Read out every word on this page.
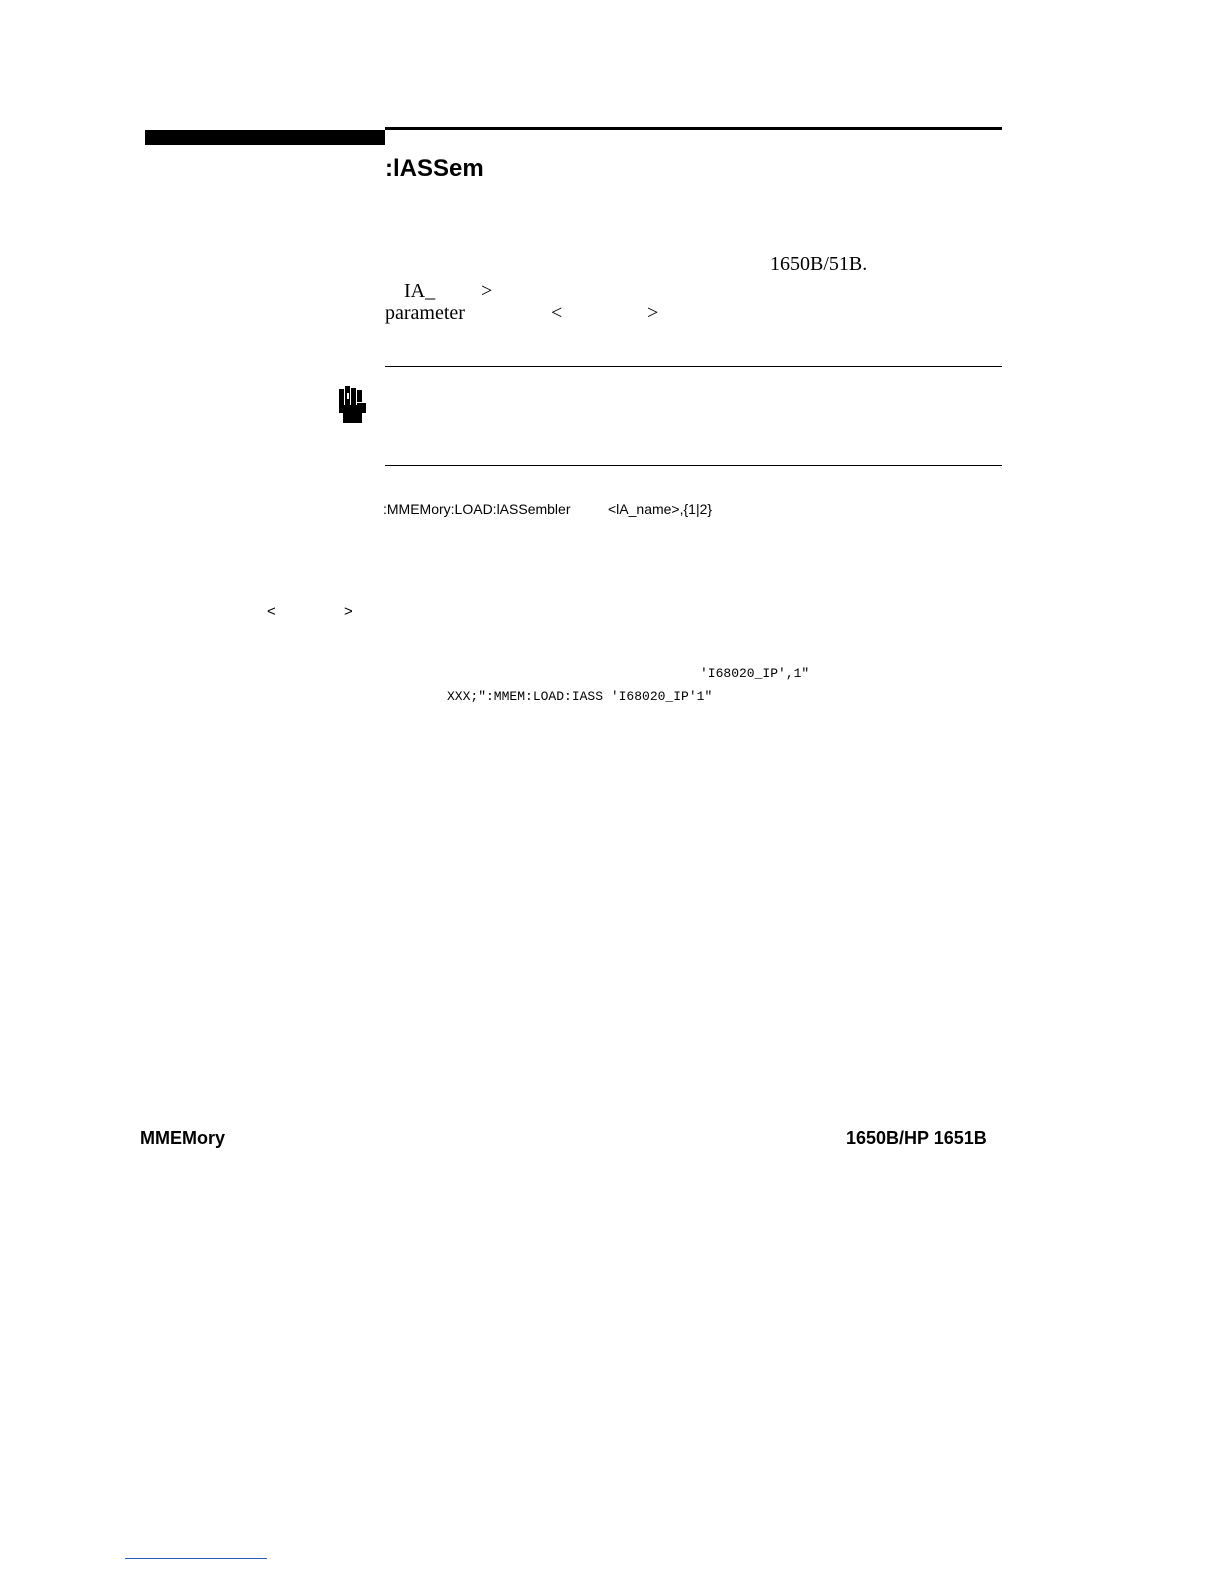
:lASSem
1650B/51B.
IA_ >
parameter	<	>
:MMEMory:LOAD:lASSembler	<lA_name>,{1|2}
<	>
'I68020_IP',1"
XXX;":MMEM:LOAD:IASS 'I68020_IP'1"
MMEMory	1650B/HP 1651B
